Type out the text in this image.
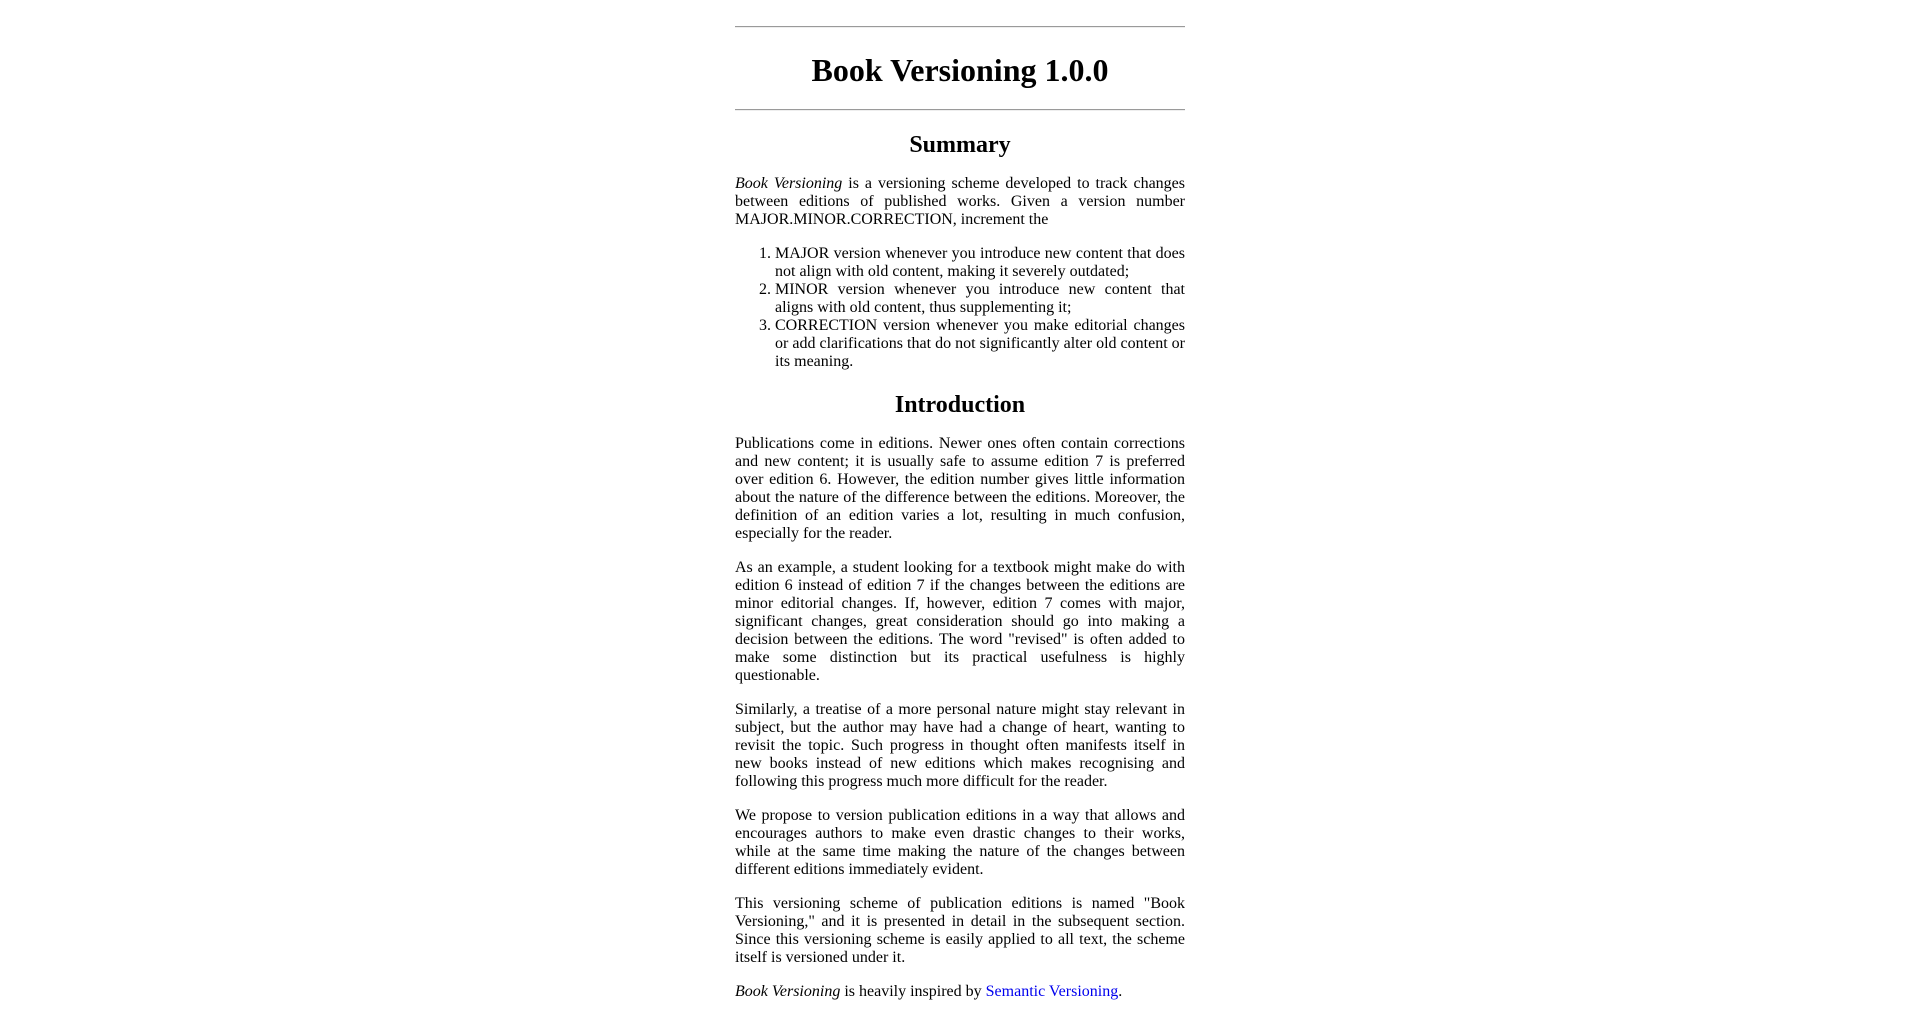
Book Versioning 1.0.0
Summary

Book Versioning is a versioning scheme developed to track changes between editions of published works. Given a version number MAJOR.MINOR.CORRECTION, increment the

1. MAJOR version whenever you introduce new content that does not align with old content, making it severely outdated;
2. MINOR version whenever you introduce new content that aligns with old content, thus supplementing it;
3. CORRECTION version whenever you make editorial changes or add clarifications that do not significantly alter old content or its meaning.
Introduction

Publications come in editions. Newer ones often contain corrections and new content; it is usually safe to assume edition 7 is preferred over edition 6. However, the edition number gives little information about the nature of the difference between the editions. Moreover, the definition of an edition varies a lot, resulting in much confusion, especially for the reader.

As an example, a student looking for a textbook might make do with edition 6 instead of edition 7 if the changes between the editions are minor editorial changes. If, however, edition 7 comes with major, significant changes, great consideration should go into making a decision between the editions. The word "revised" is often added to make some distinction but its practical usefulness is highly questionable.

Similarly, a treatise of a more personal nature might stay relevant in subject, but the author may have had a change of heart, wanting to revisit the topic. Such progress in thought often manifests itself in new books instead of new editions which makes recognising and following this progress much more difficult for the reader.

We propose to version publication editions in a way that allows and encourages authors to make even drastic changes to their works, while at the same time making the nature of the changes between different editions immediately evident.

This versioning scheme of publication editions is named "Book Versioning," and it is presented in detail in the subsequent section. Since this versioning scheme is easily applied to all text, the scheme itself is versioned under it.

Book Versioning is heavily inspired by Semantic Versioning.
